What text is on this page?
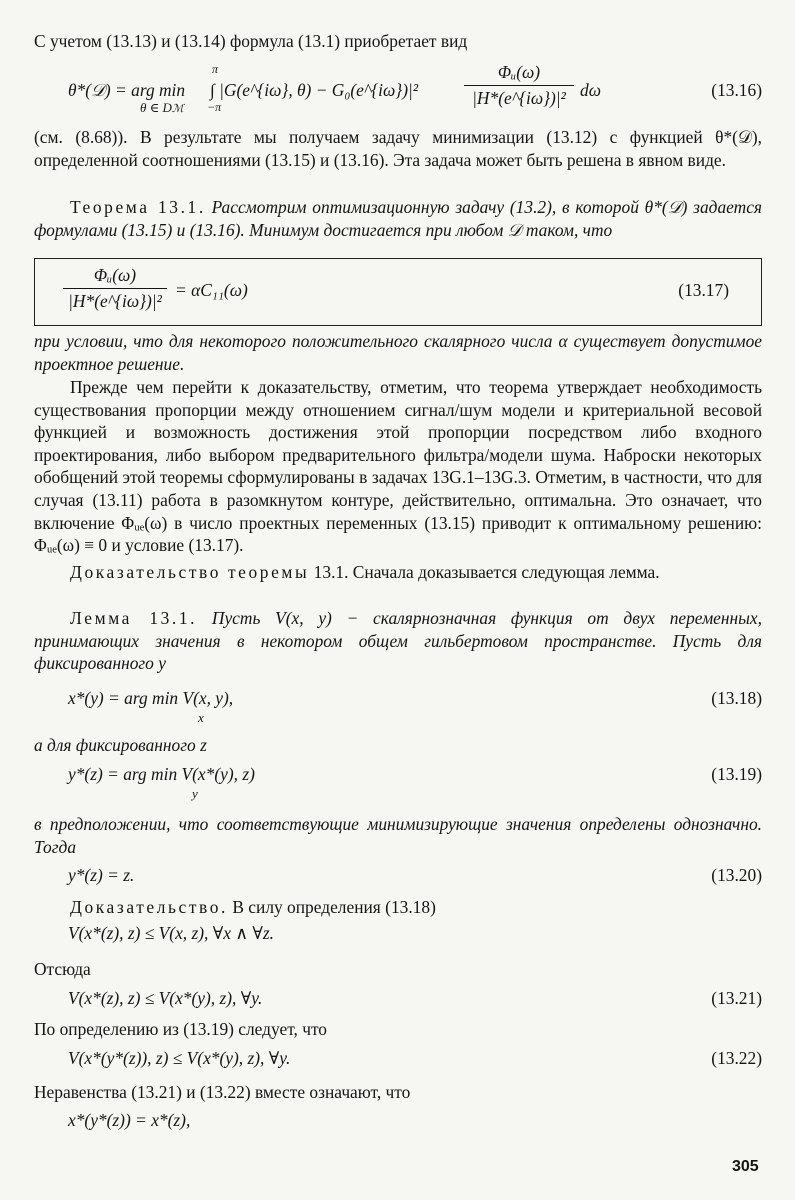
С учетом (13.13) и (13.14) формула (13.1) приобретает вид
θ*(𝒟) = arg min
θ ∈ Dℳ
π
−π
∫ |G(e^{iω}, θ) − G₀(e^{iω})|²	$\frac{\text{Φᵤ(ω)}}{\text{|H*(e\textasciicircum{}\{iω\})|²}}$ dω	(13.16)
(см. (8.68)). В результате мы получаем задачу минимизации (13.12) с функцией θ*(𝒟), определенной соотношениями (13.15) и (13.16). Эта задача может быть решена в явном виде.
Теорема 13.1. Рассмотрим оптимизационную задачу (13.2), в которой θ*(𝒟) задается формулами (13.15) и (13.16). Минимум достигается при любом 𝒟 таком, что
$\frac{\text{Φᵤ(ω)}}{\text{|H*(e\textasciicircum{}\{iω\})|²}} = \alpha C_{11}(\omega)$	(13.17)
при условии, что для некоторого положительного скалярного числа α существует допустимое проектное решение.
Прежде чем перейти к доказательству, отметим, что теорема утверждает необходимость существования пропорции между отношением сигнал/шум модели и критериальной весовой функцией и возможность достижения этой пропорции посредством либо входного проектирования, либо выбором предварительного фильтра/модели шума. Наброски некоторых обобщений этой теоремы сформулированы в задачах 13G.1–13G.3. Отметим, в частности, что для случая (13.11) работа в разомкнутом контуре, действительно, оптимальна. Это означает, что включение Φᵤₑ(ω) в число проектных переменных (13.15) приводит к оптимальному решению: Φᵤₑ(ω) ≡ 0 и условие (13.17).
Доказательство теоремы 13.1. Сначала доказывается следующая лемма.
Лемма 13.1. Пусть V(x, y) − скалярнозначная функция от двух переменных, принимающих значения в некотором общем гильбертовом пространстве. Пусть для фиксированного y
x*(y) = arg min V(x, y),
x
(13.18)
а для фиксированного z
y*(z) = arg min V(x*(y), z)
y
(13.19)
в предположении, что соответствующие минимизирующие значения определены однозначно. Тогда
y*(z) = z.	(13.20)
Доказательство. В силу определения (13.18)
V(x*(z), z) ≤ V(x, z), ∀x ∧ ∀z.
Отсюда
V(x*(z), z) ≤ V(x*(y), z), ∀y.	(13.21)
По определению из (13.19) следует, что
V(x*(y*(z)), z) ≤ V(x*(y), z), ∀y.	(13.22)
Неравенства (13.21) и (13.22) вместе означают, что
x*(y*(z)) = x*(z),
305
